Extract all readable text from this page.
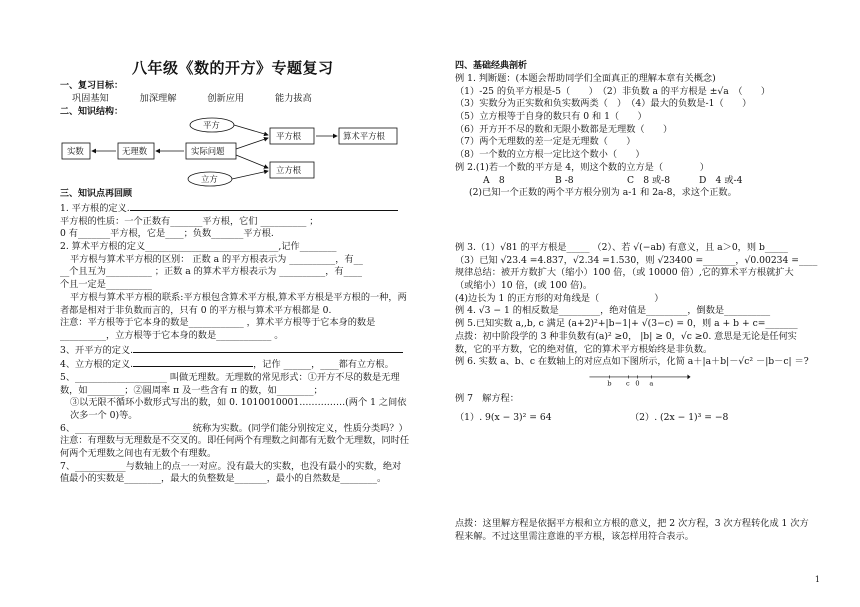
八年级《数的开方》专题复习
一、复习目标：
巩固基知	加深理解	创新应用	能力拔高
二、知识结构：
实数	无理数	实际问题
平方
立方
平方根
立方根
算术平方根
三、知识点再回顾
1. 平方根的定义.
平方根的性质：一个正数有_______平方根，它们 __________ ；
0 有_______平方根，它是____；负数_______平方根.
2. 算术平方根的定义_____________________________,记作________
平方根与算术平方根的区别： 正数 a 的平方根表示为 __________，有__
__个且互为__________ ；正数 a 的算术平方根表示为 __________，有____
个且一定是__________
平方根与算术平方根的联系:平方根包含算术平方根,算术平方根是平方根的一种，两者都是相对于非负数而言的，只有 0 的平方根与算术平方根都是 0.
注意：平方根等于它本身的数是____________ ，算术平方根等于它本身的数是__________，立方根等于它本身的数是____________ 。
3、开平方的定义.
4、立方根的定义.	，记作 ______，____都有立方根。
5、____________________ 叫做无理数。无理数的常见形式：①开方不尽的数是无理数，如________；②圆周率 π 及一些含有 π 的数，如________；
③以无限不循环小数形式写出的数，如 0. 1010010001……………(两个 1 之间依次多一个 0)等。
6、_________________________ 统称为实数。(同学们能分别按定义，性质分类吗？）
注意：有理数与无理数是不交叉的。即任何两个有理数之间都有无数个无理数，同时任何两个无理数之间也有无数个有理数。
7、___________与数轴上的点一一对应。没有最大的实数，也没有最小的实数，绝对值最小的实数是________，最大的负整数是_______，最小的自然数是________。
四、基础经典剖析
例 1. 判断题：(本题会帮助同学们全面真正的理解本章有关概念)
（1）-25 的负平方根是-5（　　）　（2）非负数 a 的平方根是 ±√a　（　　）
（3）实数分为正实数和负实数两类（　）　（4）最大的负数是-1（　　）
（5）立方根等于自身的数只有 0 和 1（　　）
（6）开方开不尽的数和无限小数都是无理数（　　）
（7）两个无理数的差一定是无理数（　　）
（8）一个数的立方根一定比这个数小（　　）
例 2.(1)若一个数的平方是 4，则这个数的立方是（　　　　）
A　8	B -8	C　8 或-8	D　4 或-4
(2)已知一个正数的两个平方根分别为 a-1 和 2a-8，求这个正数。
例 3.（1）√81 的平方根是_____ （2）、若 √(−ab) 有意义，且 a＞0，则 b_____
（3）已知 √23.4 =4.837，√2.34 =1.530，则 √23400 =_______，√0.00234 =____
规律总结：被开方数扩大（缩小）100 倍，（或 10000 倍）,它的算术平方根就扩大（或缩小）10 倍，(或 100 倍)。
(4)边长为 1 的正方形的对角线是（　　　　　　）
例 4. √3 − 1 的相反数是_________，绝对值是_________，倒数是__________
例 5.已知实数 a,,b, c 满足 (a+2)²+|b−1|+ √(3−c) = 0，则 a + b + c=_______
点拨：初中阶段学的 3 种非负数有(a)² ≥0， |b| ≥ 0，√c ≥0. 意思是无论是任何实数，它的平方数，它的绝对值，它的算术平方根始终是非负数。
例 6. 实数 a、b、c 在数轴上的对应点如下图所示，化简 a＋|a＋b|－√c² －|b－c| ＝?
b c 0 a
例 7　解方程：
（1）. 9(x − 3)² = 64	（2）. (2x − 1)³ = −8
点拨：这里解方程是依据平方根和立方根的意义，把 2 次方程，3 次方程转化成 1 次方程来解。不过这里需注意谁的平方根，该怎样用符合表示。
1
